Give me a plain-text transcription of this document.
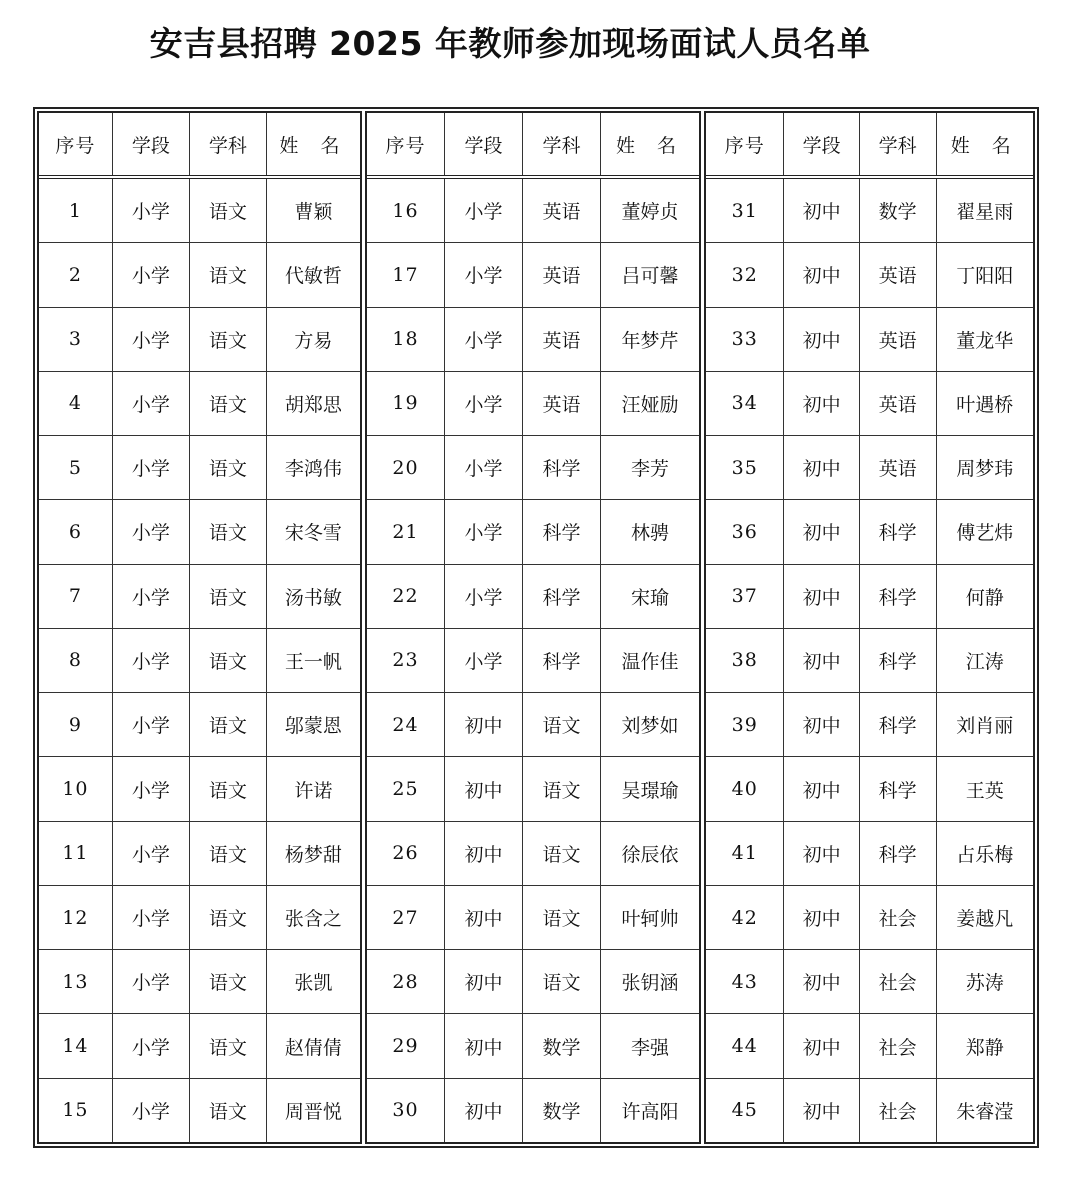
安吉县招聘 2025 年教师参加现场面试人员名单
序号	学段	学科	姓 名
1	小学	语文	曹颖
2	小学	语文	代敏哲
3	小学	语文	方易
4	小学	语文	胡郑思
5	小学	语文	李鸿伟
6	小学	语文	宋冬雪
7	小学	语文	汤书敏
8	小学	语文	王一帆
9	小学	语文	邬蒙恩
10	小学	语文	许诺
11	小学	语文	杨梦甜
12	小学	语文	张含之
13	小学	语文	张凯
14	小学	语文	赵倩倩
15	小学	语文	周晋悦
序号	学段	学科	姓 名
16	小学	英语	董婷贞
17	小学	英语	吕可馨
18	小学	英语	年梦芹
19	小学	英语	汪娅励
20	小学	科学	李芳
21	小学	科学	林骋
22	小学	科学	宋瑜
23	小学	科学	温作佳
24	初中	语文	刘梦如
25	初中	语文	吴璟瑜
26	初中	语文	徐辰依
27	初中	语文	叶轲帅
28	初中	语文	张钥涵
29	初中	数学	李强
30	初中	数学	许高阳
序号	学段	学科	姓 名
31	初中	数学	翟星雨
32	初中	英语	丁阳阳
33	初中	英语	董龙华
34	初中	英语	叶遇桥
35	初中	英语	周梦玮
36	初中	科学	傅艺炜
37	初中	科学	何静
38	初中	科学	江涛
39	初中	科学	刘肖丽
40	初中	科学	王英
41	初中	科学	占乐梅
42	初中	社会	姜越凡
43	初中	社会	苏涛
44	初中	社会	郑静
45	初中	社会	朱睿滢
